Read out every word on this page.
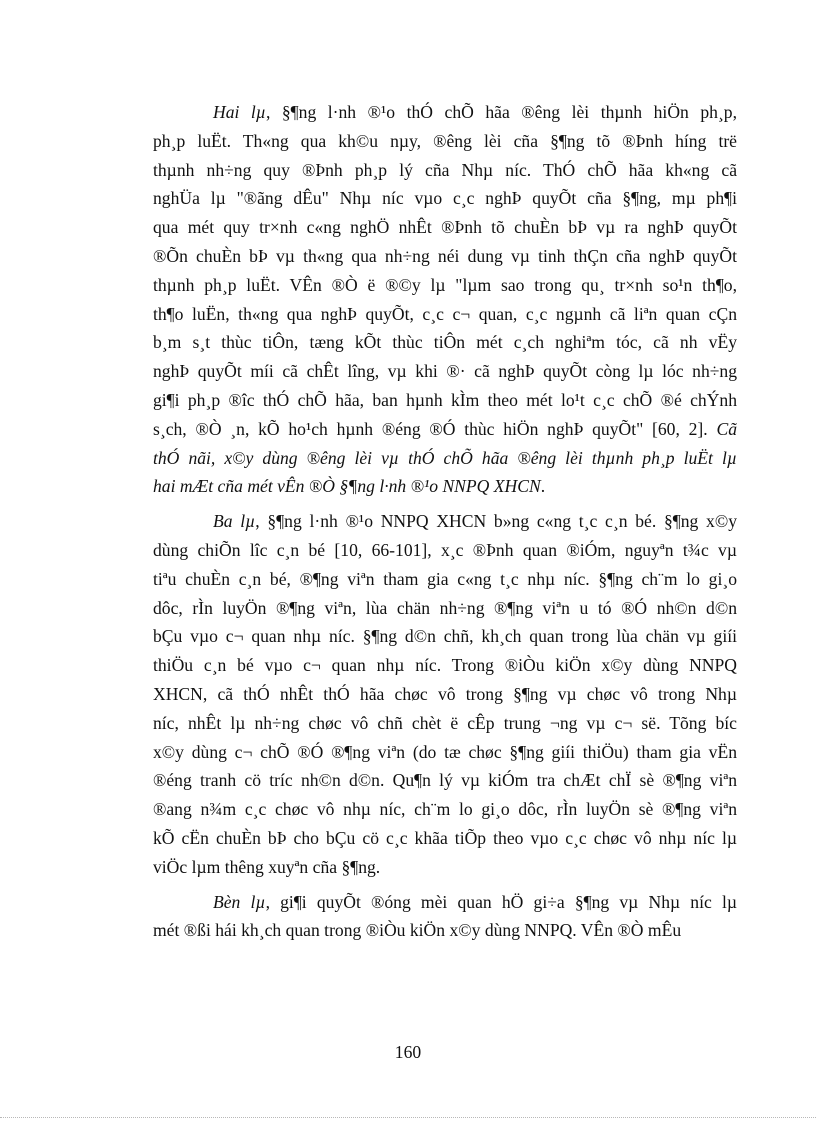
Hai lµ, §¶ng l·nh ®¹o thÓ chÕ hãa ®êng lèi thµnh hiÖn ph¸p,
ph¸p luËt. Th«ng qua kh©u nµy, ®êng lèi cña §¶ng tõ ®Þnh híng trë
thµnh nh÷ng quy ®Þnh ph¸p lý cña Nhµ níc. ThÓ chÕ hãa kh«ng cã
nghÜa lµ "®ãng dÊu" Nhµ níc vµo c¸c nghÞ quyÕt cña §¶ng, mµ ph¶i
qua mét quy tr×nh c«ng nghÖ nhÊt ®Þnh tõ chuÈn bÞ vµ ra nghÞ quyÕt
®Õn chuÈn bÞ vµ th«ng qua nh÷ng néi dung vµ tinh thÇn cña nghÞ quyÕt
thµnh ph¸p luËt. VÊn ®Ò ë ®©y lµ "lµm sao trong qu¸ tr×nh so¹n th¶o,
th¶o luËn, th«ng qua nghÞ quyÕt, c¸c c¬ quan, c¸c ngµnh cã liªn quan cÇn
b¸m s¸t thùc tiÔn, tæng kÕt thùc tiÔn mét c¸ch nghiªm tóc, cã nh vËy
nghÞ quyÕt míi cã chÊt lîng, vµ khi ®· cã nghÞ quyÕt còng lµ lóc nh÷ng
gi¶i ph¸p ®îc thÓ chÕ hãa, ban hµnh kÌm theo mét lo¹t c¸c chÕ ®é chÝnh
s¸ch, ®Ò ¸n, kÕ ho¹ch hµnh ®éng ®Ó thùc hiÖn nghÞ quyÕt" [60, 2]. Cã
thÓ nãi, x©y dùng ®êng lèi vµ thÓ chÕ hãa ®êng lèi thµnh ph¸p luËt lµ
hai mÆt cña mét vÊn ®Ò §¶ng l·nh ®¹o NNPQ XHCN.

Ba lµ, §¶ng l·nh ®¹o NNPQ XHCN b»ng c«ng t¸c c¸n bé. §¶ng x©y
dùng chiÕn lîc c¸n bé [10, 66-101], x¸c ®Þnh quan ®iÓm, nguyªn t¾c vµ
tiªu chuÈn c¸n bé, ®¶ng viªn tham gia c«ng t¸c nhµ níc. §¶ng ch¨m lo gi¸o
dôc, rÌn luyÖn ®¶ng viªn, lùa chän nh÷ng ®¶ng viªn u tó ®Ó nh©n d©n
bÇu vµo c¬ quan nhµ níc. §¶ng d©n chñ, kh¸ch quan trong lùa chän vµ giíi
thiÖu c¸n bé vµo c¬ quan nhµ níc. Trong ®iÒu kiÖn x©y dùng NNPQ
XHCN, cã thÓ nhÊt thÓ hãa chøc vô trong §¶ng vµ chøc vô trong Nhµ
níc, nhÊt lµ nh÷ng chøc vô chñ chèt ë cÊp trung ¬ng vµ c¬ së. Tõng bíc
x©y dùng c¬ chÕ ®Ó ®¶ng viªn (do tæ chøc §¶ng giíi thiÖu) tham gia vËn
®éng tranh cö tríc nh©n d©n. Qu¶n lý vµ kiÓm tra chÆt chÏ sè ®¶ng viªn
®ang n¾m c¸c chøc vô nhµ níc, ch¨m lo gi¸o dôc, rÌn luyÖn sè ®¶ng viªn
kÕ cËn chuÈn bÞ cho bÇu cö c¸c khãa tiÕp theo vµo c¸c chøc vô nhµ níc lµ
viÖc lµm thêng xuyªn cña §¶ng.

Bèn lµ, gi¶i quyÕt ®óng mèi quan hÖ gi÷a §¶ng vµ Nhµ níc lµ
mét ®ßi hái kh¸ch quan trong ®iÒu kiÖn x©y dùng NNPQ. VÊn ®Ò mÊu

160
